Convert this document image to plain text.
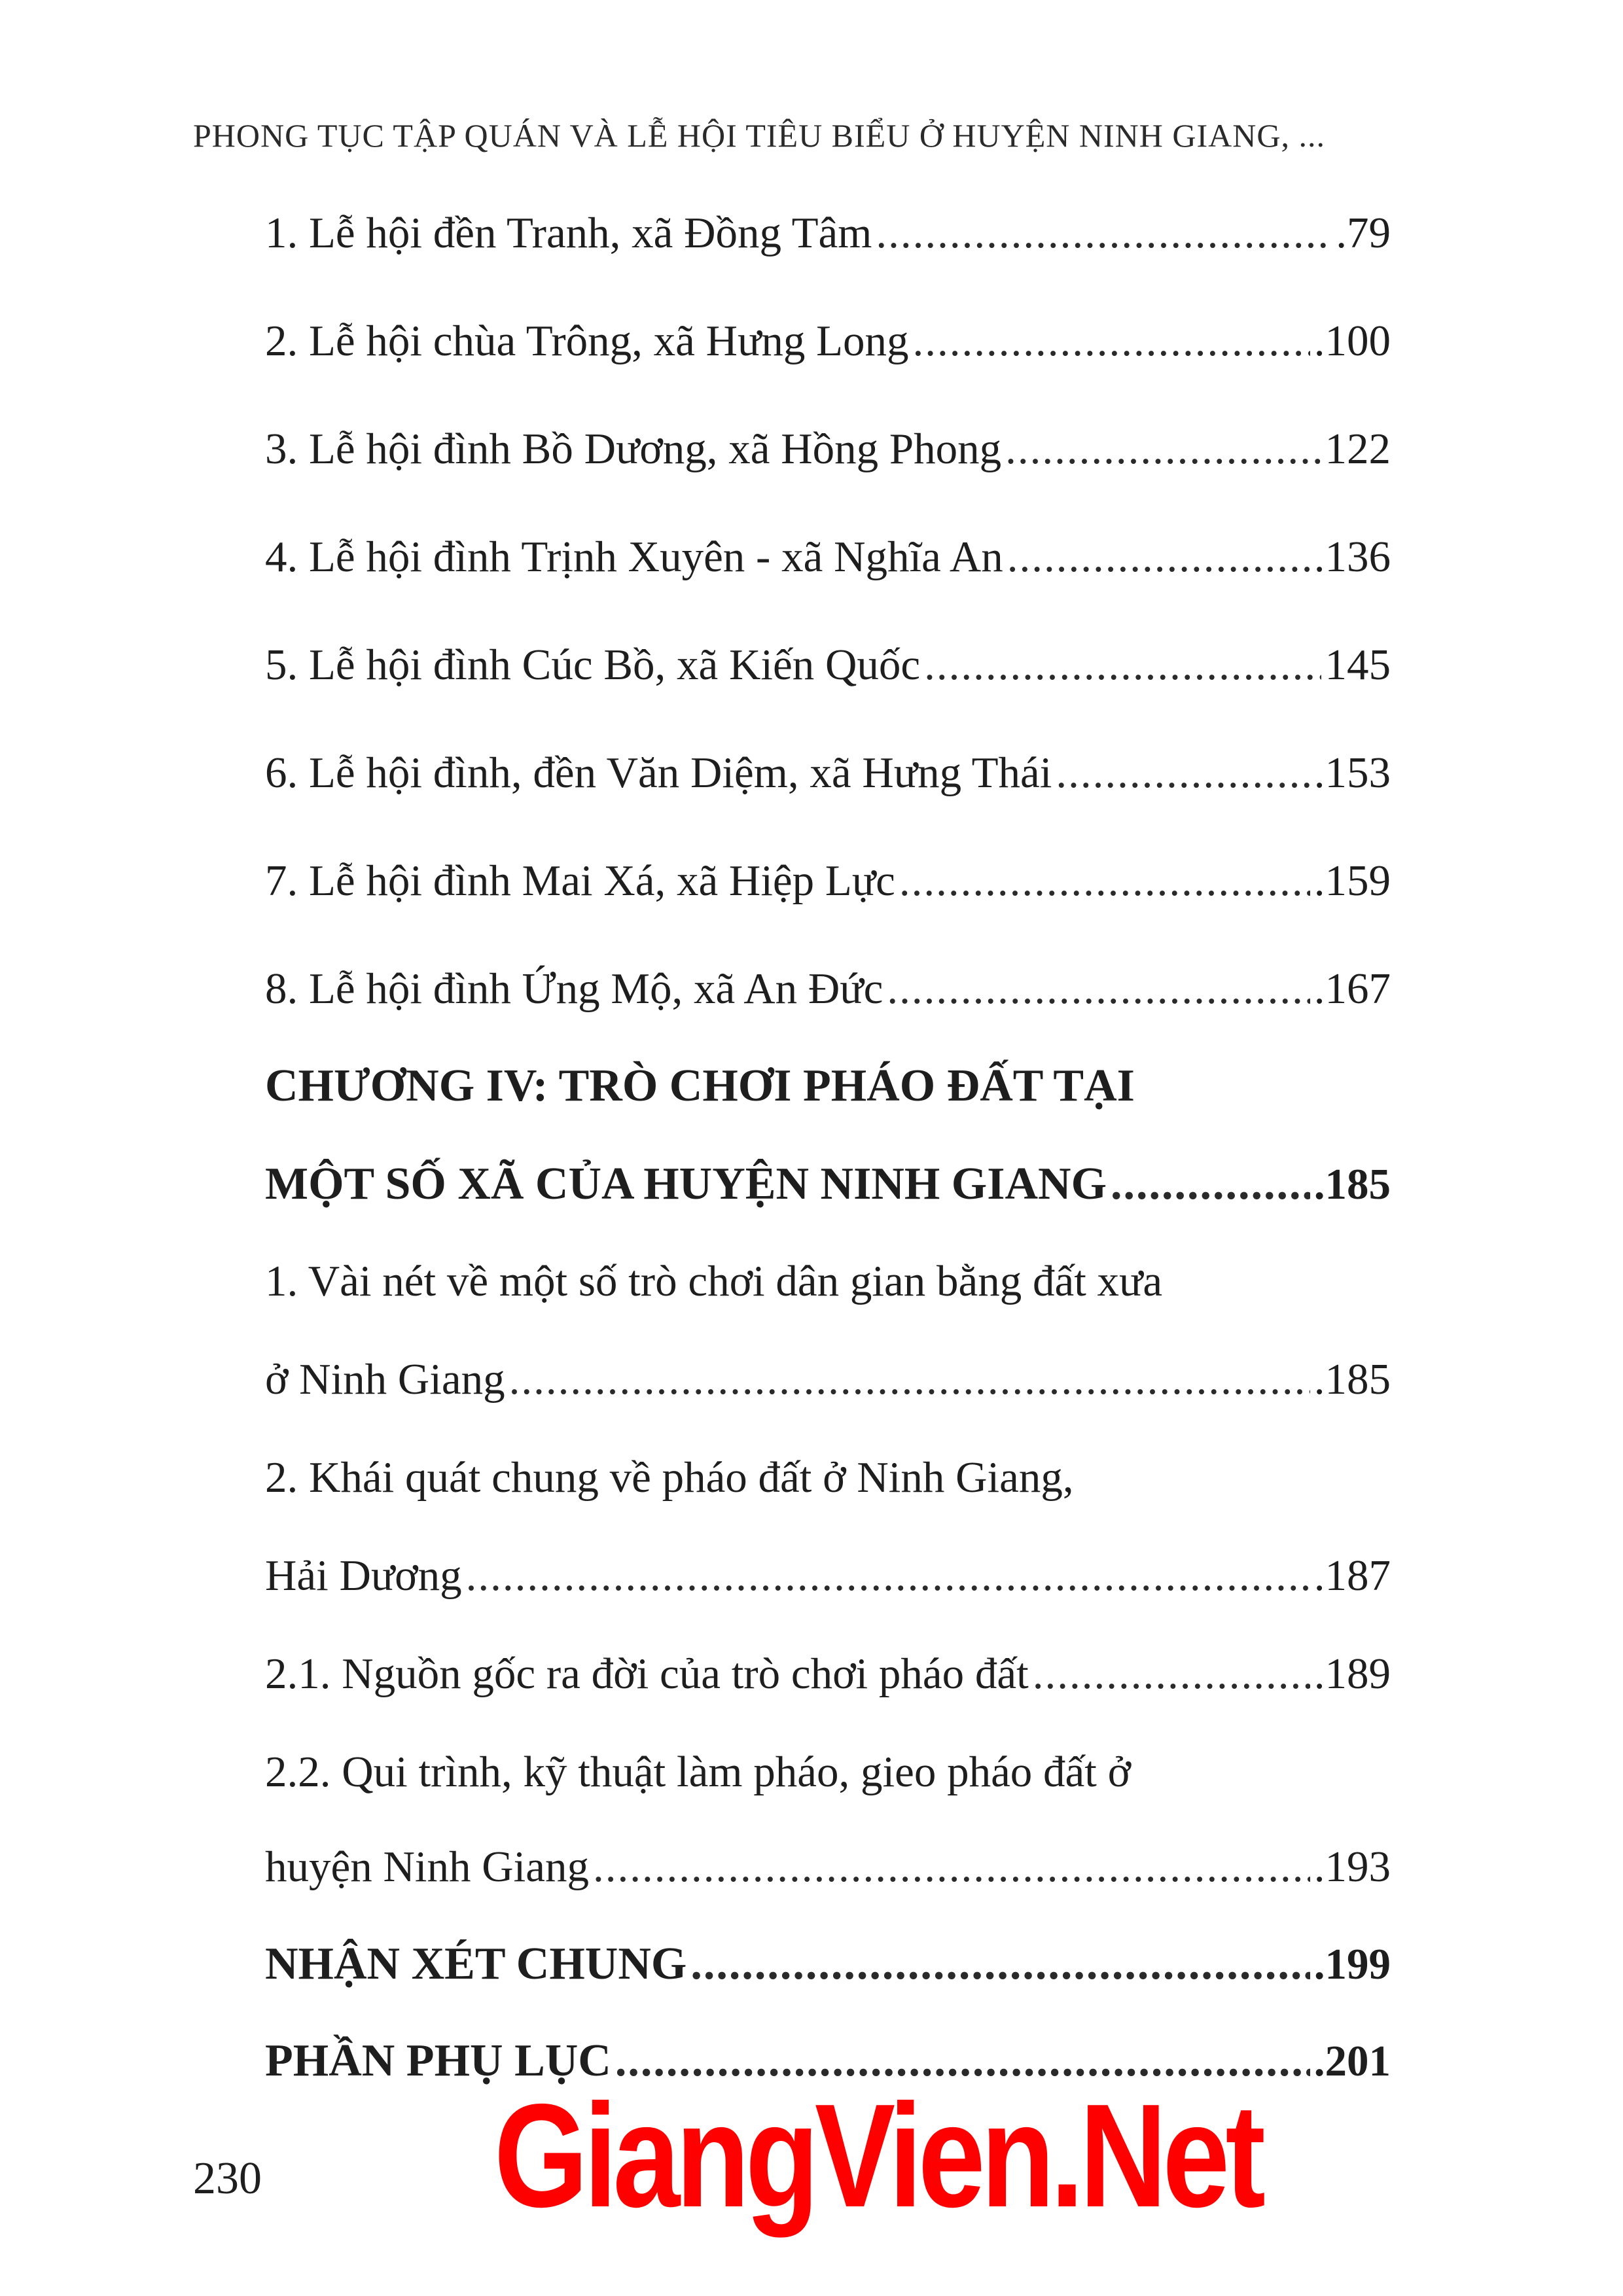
PHONG TỤC TẬP QUÁN VÀ LỄ HỘI TIÊU BIỂU Ở HUYỆN NINH GIANG, ...
1. Lễ hội đền Tranh, xã Đồng Tâm .....	.79
2. Lễ hội chùa Trông, xã Hưng Long .....	.100
3. Lễ hội đình Bồ Dương, xã Hồng Phong .....	122
4. Lễ hội đình Trịnh Xuyên - xã Nghĩa An .....	.136
5. Lễ hội đình Cúc Bồ, xã Kiến Quốc .....	145
6. Lễ hội đình, đền Văn Diệm, xã Hưng Thái .....	.153
7. Lễ hội đình Mai Xá, xã Hiệp Lực .....	.159
8. Lễ hội đình Ứng Mộ, xã An Đức .....	.167
CHƯƠNG IV: TRÒ CHƠI PHÁO ĐẤT TẠI
MỘT SỐ XÃ CỦA HUYỆN NINH GIANG .....	.185
1. Vài nét về một số trò chơi dân gian bằng đất xưa
ở Ninh Giang .....	.185
2. Khái quát chung về pháo đất ở Ninh Giang,
Hải Dương .....	.187
2.1. Nguồn gốc ra đời của trò chơi pháo đất .....	.189
2.2. Qui trình, kỹ thuật làm pháo, gieo pháo đất ở
huyện Ninh Giang .....	.193
NHẬN XÉT CHUNG .....	.199
PHẦN PHỤ LỤC .....	.201
230 GiangVien.Net
